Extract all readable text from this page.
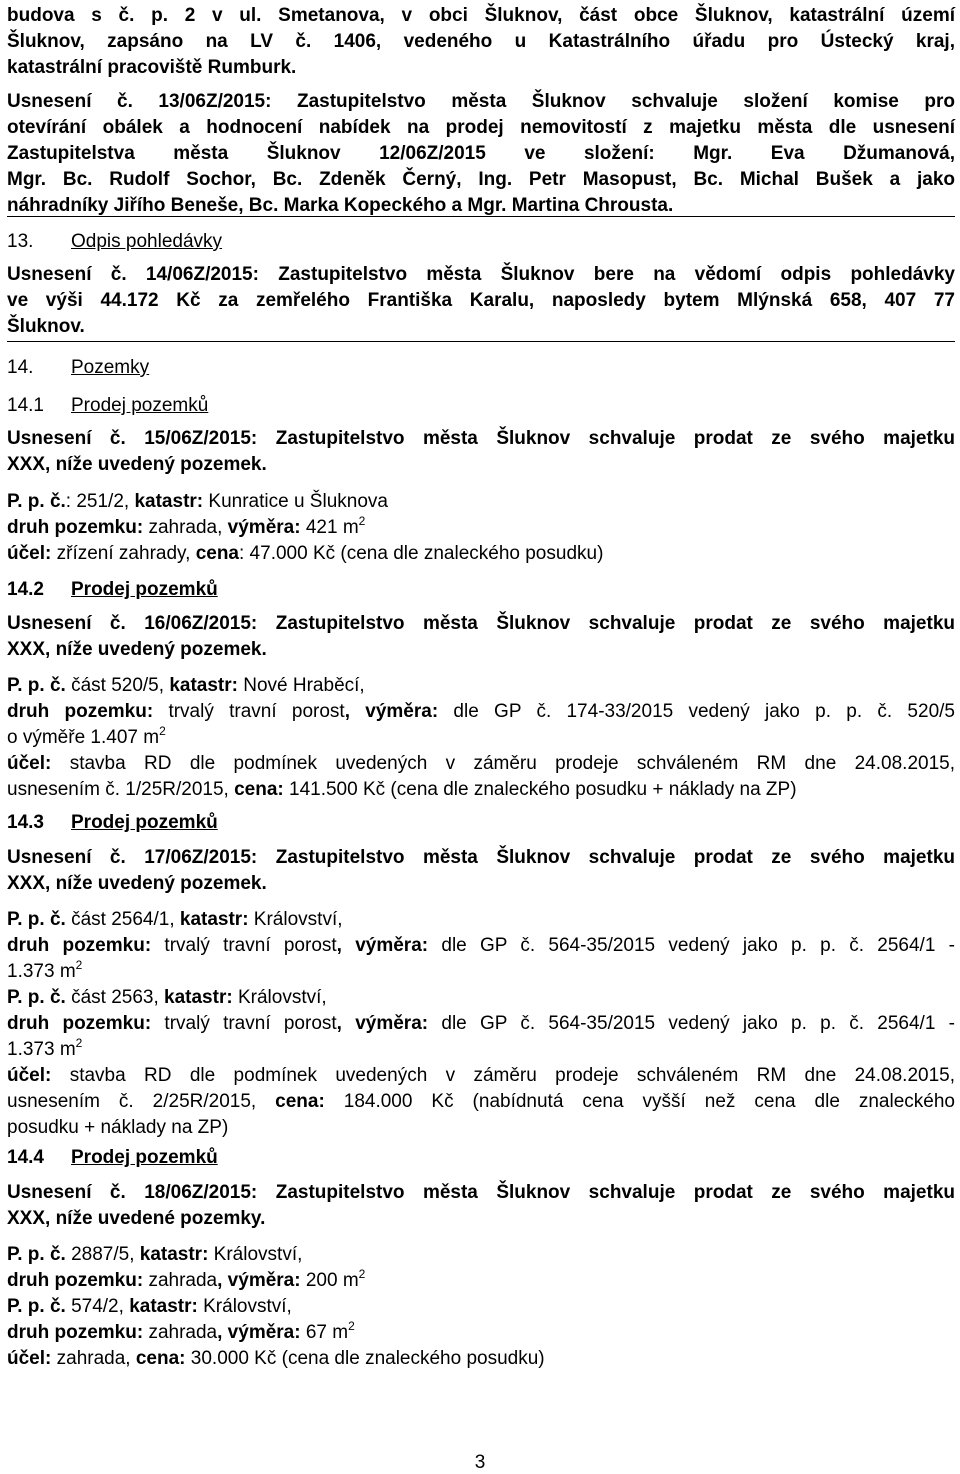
budova s č. p. 2 v ul. Smetanova, v obci Šluknov, část obce Šluknov, katastrální území
Šluknov, zapsáno na LV č. 1406, vedeného u Katastrálního úřadu pro Ústecký kraj,
katastrální pracoviště Rumburk.
Usnesení č. 13/06Z/2015: Zastupitelstvo města Šluknov schvaluje složení komise pro
otevírání obálek a hodnocení nabídek na prodej nemovitostí z majetku města dle usnesení
Zastupitelstva města Šluknov 12/06Z/2015 ve složení: Mgr. Eva Džumanová,
Mgr. Bc. Rudolf Sochor, Bc. Zdeněk Černý, Ing. Petr Masopust, Bc. Michal Bušek a jako
náhradníky Jiřího Beneše, Bc. Marka Kopeckého a Mgr. Martina Chrousta.
13. Odpis pohledávky
Usnesení č. 14/06Z/2015: Zastupitelstvo města Šluknov bere na vědomí odpis pohledávky
ve výši 44.172 Kč za zemřelého Františka Karalu, naposledy bytem Mlýnská 658, 407 77
Šluknov.
14. Pozemky
14.1 Prodej pozemků
Usnesení č. 15/06Z/2015: Zastupitelstvo města Šluknov schvaluje prodat ze svého majetku
XXX, níže uvedený pozemek.
P. p. č.: 251/2, katastr: Kunratice u Šluknova
druh pozemku: zahrada, výměra: 421 $m^2$
účel: zřízení zahrady, cena: 47.000 Kč (cena dle znaleckého posudku)
14.2 Prodej pozemků
Usnesení č. 16/06Z/2015: Zastupitelstvo města Šluknov schvaluje prodat ze svého majetku
XXX, níže uvedený pozemek.
P. p. č. část 520/5, katastr: Nové Hraběcí,
druh pozemku: trvalý travní porost, výměra: dle GP č. 174-33/2015 vedený jako p. p. č. 520/5
o výměře 1.407 $m^2$
účel: stavba RD dle podmínek uvedených v záměru prodeje schváleném RM dne 24.08.2015,
usnesením č. 1/25R/2015, cena: 141.500 Kč (cena dle znaleckého posudku + náklady na ZP)
14.3 Prodej pozemků
Usnesení č. 17/06Z/2015: Zastupitelstvo města Šluknov schvaluje prodat ze svého majetku
XXX, níže uvedený pozemek.
P. p. č. část 2564/1, katastr: Království,
druh pozemku: trvalý travní porost, výměra: dle GP č. 564-35/2015 vedený jako p. p. č. 2564/1 -
1.373 $m^2$
P. p. č. část 2563, katastr: Království,
druh pozemku: trvalý travní porost, výměra: dle GP č. 564-35/2015 vedený jako p. p. č. 2564/1 -
1.373 $m^2$
účel: stavba RD dle podmínek uvedených v záměru prodeje schváleném RM dne 24.08.2015,
usnesením č. 2/25R/2015, cena: 184.000 Kč (nabídnutá cena vyšší než cena dle znaleckého
posudku + náklady na ZP)
14.4 Prodej pozemků
Usnesení č. 18/06Z/2015: Zastupitelstvo města Šluknov schvaluje prodat ze svého majetku
XXX, níže uvedené pozemky.
P. p. č. 2887/5, katastr: Království,
druh pozemku: zahrada, výměra: 200 $m^2$
P. p. č. 574/2, katastr: Království,
druh pozemku: zahrada, výměra: 67 $m^2$
účel: zahrada, cena: 30.000 Kč (cena dle znaleckého posudku)
3
